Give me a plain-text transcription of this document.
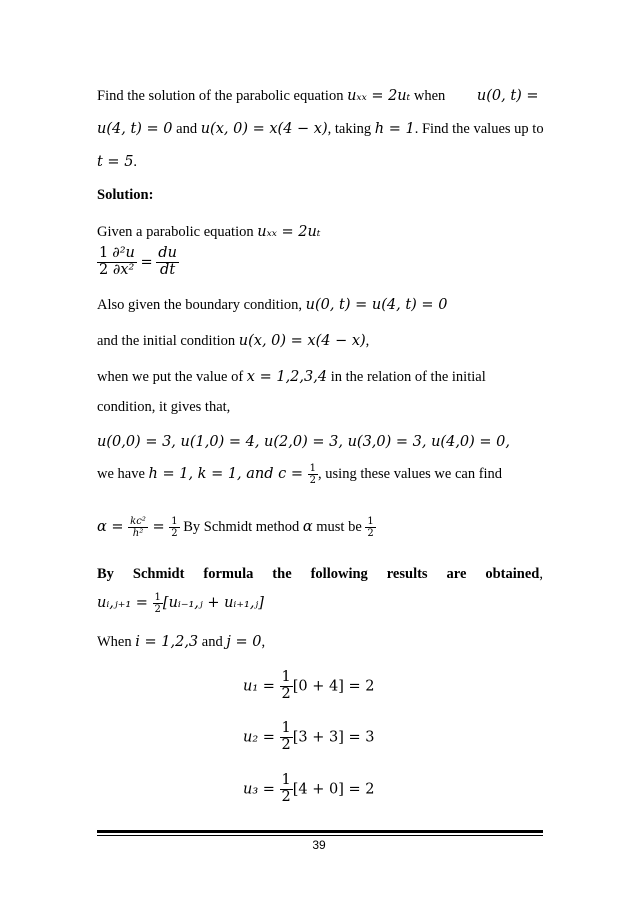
Find the solution of the parabolic equation uₓₓ = 2uₜ when u(0, t) =
u(4, t) = 0 and u(x, 0) = x(4 − x), taking h = 1. Find the values up to
t = 5.
Solution:
Given a parabolic equation uₓₓ = 2uₜ
$\frac{1}{2} \frac{\text{∂²u}}{\text{∂x²}} = \frac{du}{dt}$
Also given the boundary condition, u(0, t) = u(4, t) = 0
and the initial condition u(x, 0) = x(4 − x),
when we put the value of x = 1,2,3,4 in the relation of the initial
condition, it gives that,
u(0,0) = 3, u(1,0) = 4, u(2,0) = 3, u(3,0) = 3, u(4,0) = 0,
we have h = 1, k = 1, and $c = \frac{1}{2}$ , using these values we can find
$\alpha = \frac{\text{kc²}}{\text{h²}} = \frac{1}{2}$ By Schmidt method α must be $\frac{1}{2}$
By Schmidt formula the following results are obtained,
uᵢ,ⱼ₊₁ = $\frac{1}{2}$ [uᵢ₋₁,ⱼ + uᵢ₊₁,ⱼ]
When i = 1,2,3 and j = 0,
$u_1 = \frac{1}{2} [0 + 4] = 2$
$u_2 = \frac{1}{2} [3 + 3] = 3$
$u_3 = \frac{1}{2} [4 + 0] = 2$
39
